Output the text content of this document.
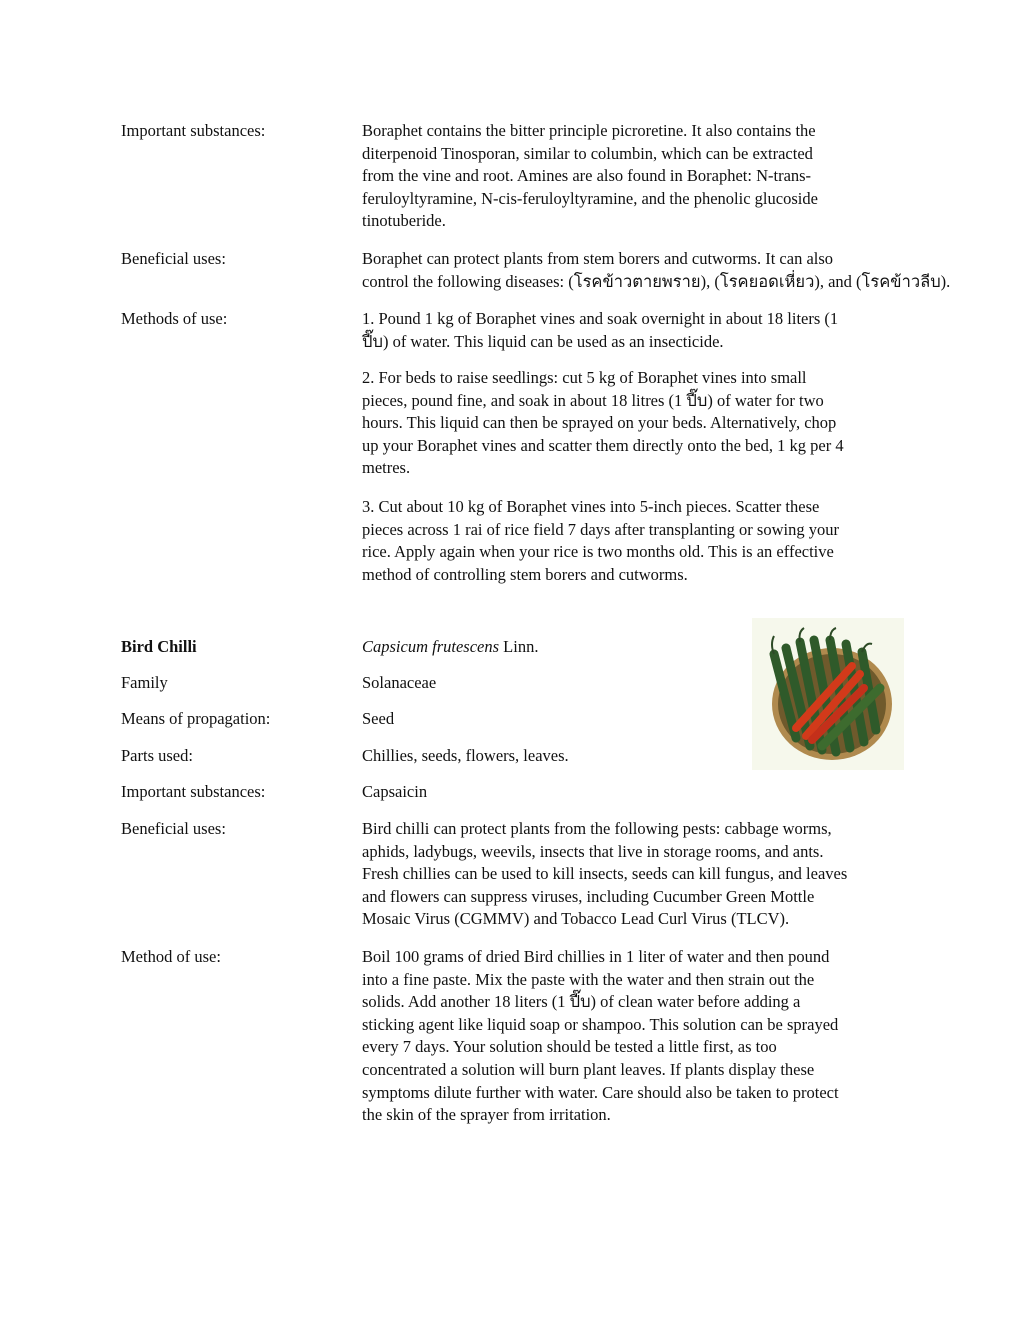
Important substances:	Boraphet contains the bitter principle picroretine. It also contains the
diterpenoid Tinosporan, similar to columbin, which can be extracted
from the vine and root. Amines are also found in Boraphet: N-trans-
feruloyltyramine, N-cis-feruloyltyramine, and the phenolic glucoside
tinotuberide.
Beneficial uses:	Boraphet can protect plants from stem borers and cutworms. It can also
control the following diseases: (โรคข้าวตายพราย), (โรคยอดเหี่ยว), and (โรคข้าวลีบ).
Methods of use:	1. Pound 1 kg of Boraphet vines and soak overnight in about 18 liters (1
ปี๊บ) of water. This liquid can be used as an insecticide.
2. For beds to raise seedlings: cut 5 kg of Boraphet vines into small
pieces, pound fine, and soak in about 18 litres (1 ปี๊บ) of water for two
hours. This liquid can then be sprayed on your beds. Alternatively, chop
up your Boraphet vines and scatter them directly onto the bed, 1 kg per 4
metres.
3. Cut about 10 kg of Boraphet vines into 5-inch pieces. Scatter these
pieces across 1 rai of rice field 7 days after transplanting or sowing your
rice. Apply again when your rice is two months old. This is an effective
method of controlling stem borers and cutworms.
Bird Chilli	Capsicum frutescens Linn.
Family	Solanaceae
Means of propagation:	Seed
Parts used:	Chillies, seeds, flowers, leaves.
Important substances:	Capsaicin
Beneficial uses:	Bird chilli can protect plants from the following pests: cabbage worms,
aphids, ladybugs, weevils, insects that live in storage rooms, and ants.
Fresh chillies can be used to kill insects, seeds can kill fungus, and leaves
and flowers can suppress viruses, including Cucumber Green Mottle
Mosaic Virus (CGMMV) and Tobacco Lead Curl Virus (TLCV).
Method of use:	Boil 100 grams of dried Bird chillies in 1 liter of water and then pound
into a fine paste. Mix the paste with the water and then strain out the
solids. Add another 18 liters (1 ปี๊บ) of clean water before adding a
sticking agent like liquid soap or shampoo. This solution can be sprayed
every 7 days. Your solution should be tested a little first, as too
concentrated a solution will burn plant leaves. If plants display these
symptoms dilute further with water. Care should also be taken to protect
the skin of the sprayer from irritation.
